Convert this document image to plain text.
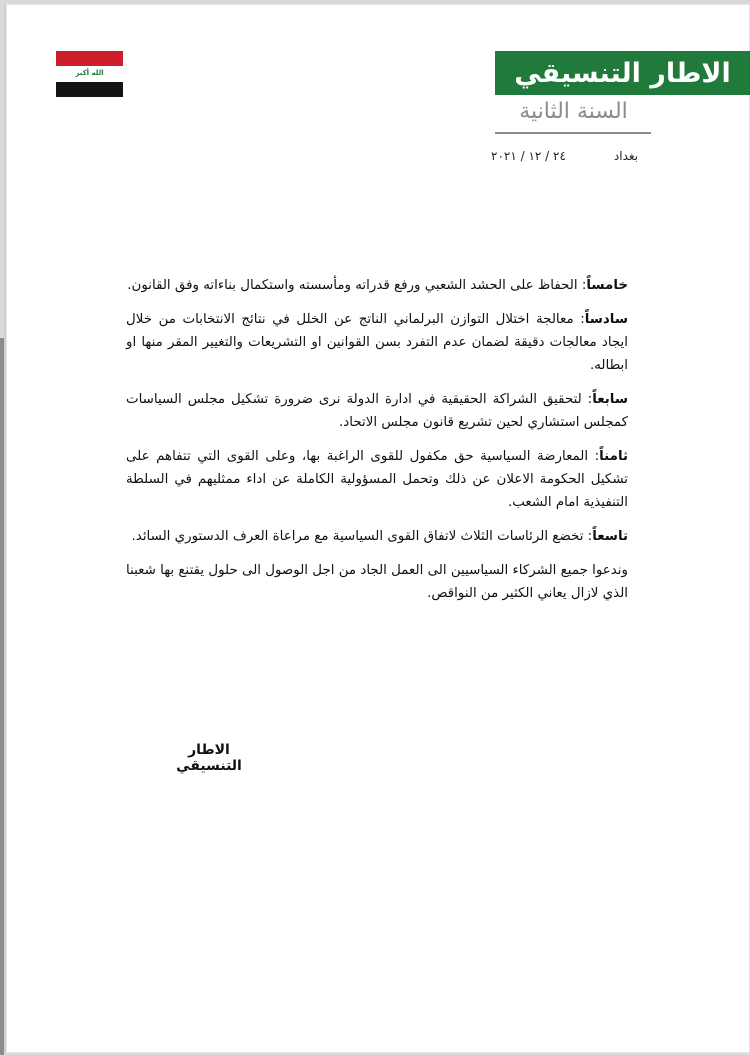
الله أكبر	الاطار التنسيقي
السنة الثانية
بغداد
٢٤ / ١٢ / ٢٠٢١

خامساً: الحفاظ على الحشد الشعبي ورفع قدراته ومأسسته واستكمال بناءاته وفق القانون.

سادساً: معالجة اختلال التوازن البرلماني الناتج عن الخلل في نتائج الانتخابات من خلال ايجاد معالجات دقيقة لضمان عدم التفرد بسن القوانين او التشريعات والتغيير المقر منها او ابطاله.

سابعاً: لتحقيق الشراكة الحقيقية في ادارة الدولة نرى ضرورة تشكيل مجلس السياسات كمجلس استشاري لحين تشريع قانون مجلس الاتحاد.

ثامناً: المعارضة السياسية حق مكفول للقوى الراغبة بها، وعلى القوى التي تتفاهم على تشكيل الحكومة الاعلان عن ذلك وتحمل المسؤولية الكاملة عن اداء ممثليهم في السلطة التنفيذية امام الشعب.

تاسعاً: تخضع الرئاسات الثلاث لاتفاق القوى السياسية مع مراعاة العرف الدستوري السائد.

وندعوا جميع الشركاء السياسيين الى العمل الجاد من اجل الوصول الى حلول يقتنع بها شعبنا الذي لازال يعاني الكثير من النواقص.

الاطار التنسيقي
